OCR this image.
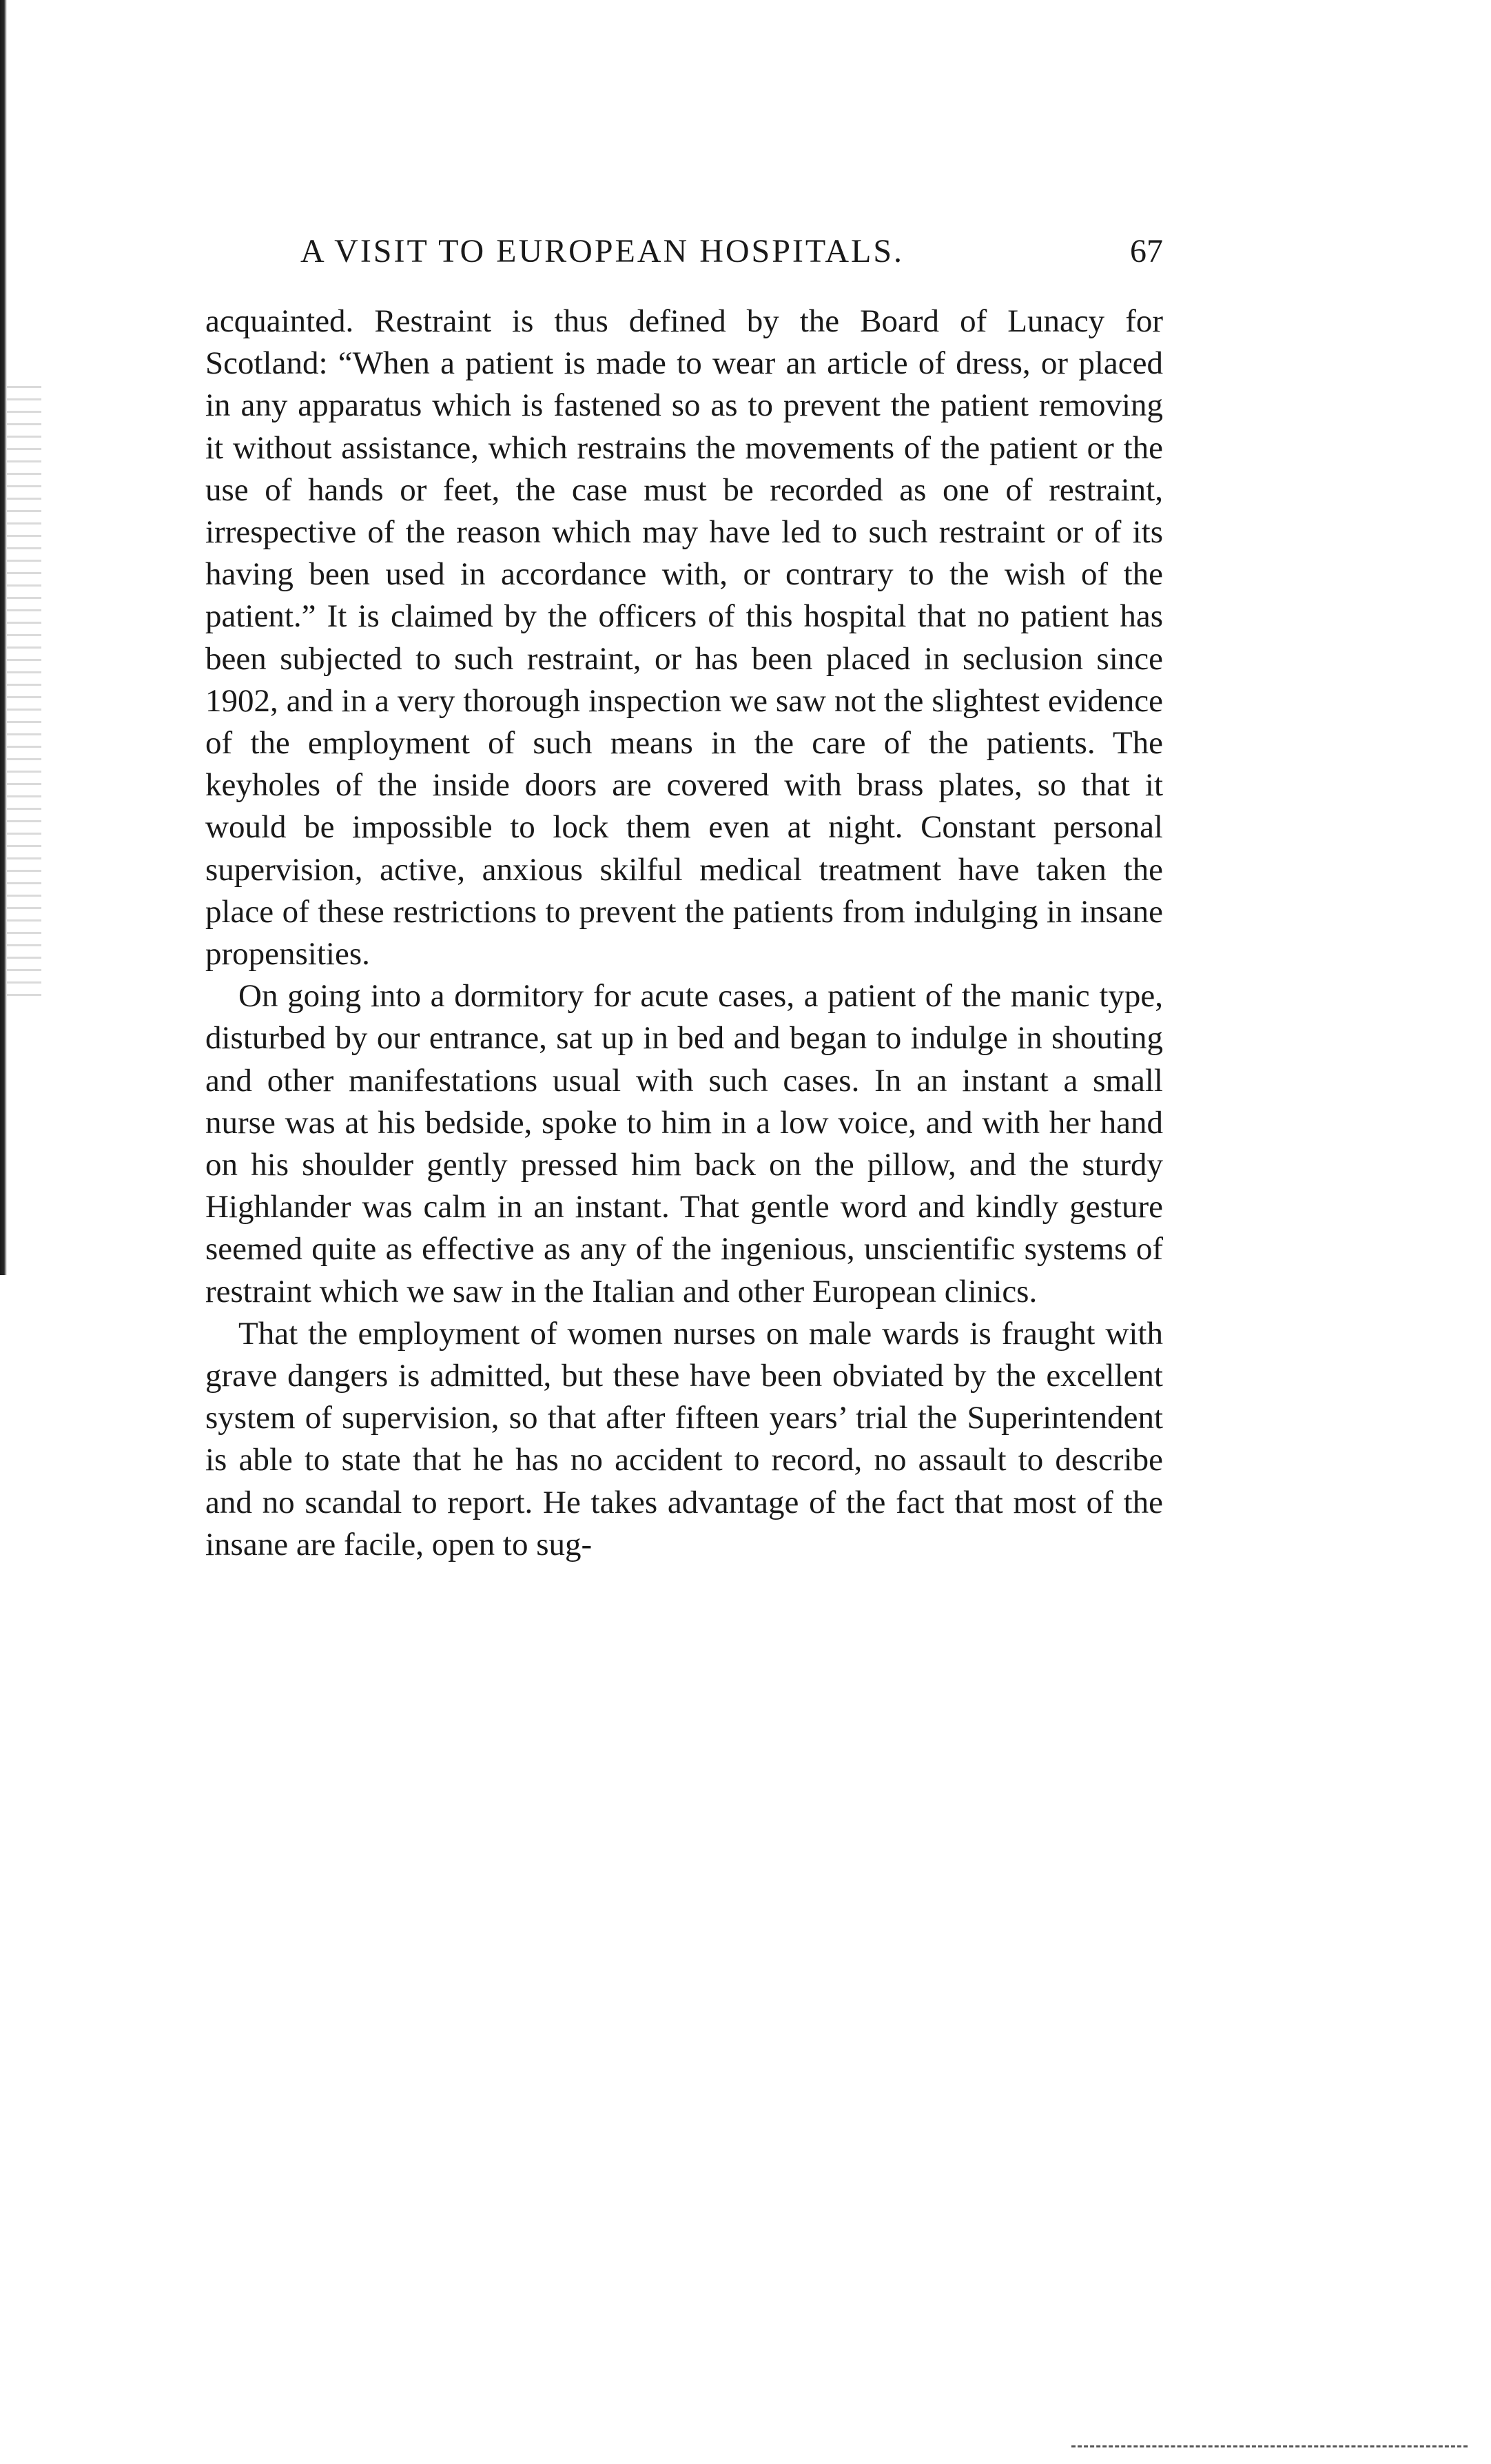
A VISIT TO EUROPEAN HOSPITALS.	67

acquainted. Restraint is thus defined by the Board of Lunacy for Scotland: “When a patient is made to wear an article of dress, or placed in any apparatus which is fastened so as to prevent the patient removing it without assistance, which restrains the movements of the patient or the use of hands or feet, the case must be recorded as one of restraint, irrespective of the reason which may have led to such restraint or of its having been used in accordance with, or contrary to the wish of the patient.” It is claimed by the officers of this hospital that no patient has been subjected to such restraint, or has been placed in seclusion since 1902, and in a very thorough inspection we saw not the slightest evidence of the employment of such means in the care of the patients. The keyholes of the inside doors are covered with brass plates, so that it would be impossible to lock them even at night. Constant personal supervision, active, anxious skilful medical treatment have taken the place of these restrictions to prevent the patients from indulging in insane propensities.

On going into a dormitory for acute cases, a patient of the manic type, disturbed by our entrance, sat up in bed and began to indulge in shouting and other manifestations usual with such cases. In an instant a small nurse was at his bedside, spoke to him in a low voice, and with her hand on his shoulder gently pressed him back on the pillow, and the sturdy Highlander was calm in an instant. That gentle word and kindly gesture seemed quite as effective as any of the ingenious, unscientific systems of restraint which we saw in the Italian and other European clinics.

That the employment of women nurses on male wards is fraught with grave dangers is admitted, but these have been obviated by the excellent system of supervision, so that after fifteen years’ trial the Superintendent is able to state that he has no accident to record, no assault to describe and no scandal to report. He takes advantage of the fact that most of the insane are facile, open to sug-
